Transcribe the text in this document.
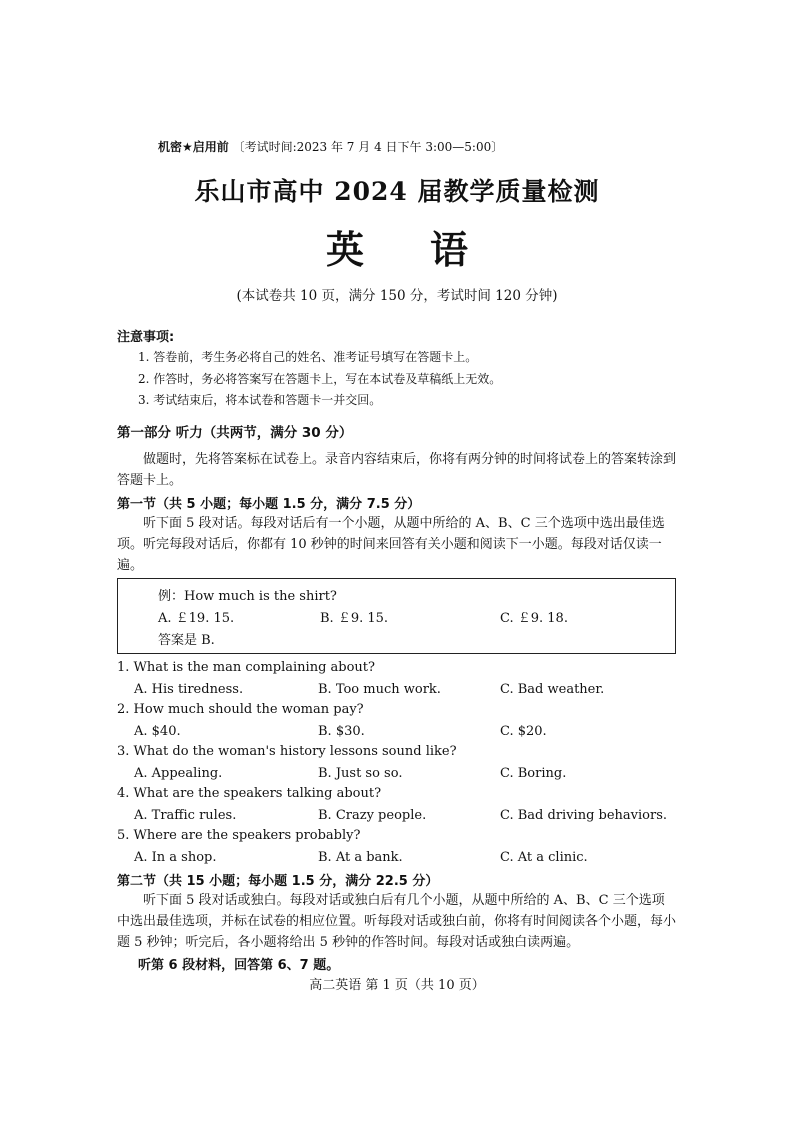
机密★启用前 〔考试时间:2023 年 7 月 4 日下午 3:00—5:00〕
乐山市高中 2024 届教学质量检测
英 语
(本试卷共 10 页，满分 150 分，考试时间 120 分钟)
注意事项:
1. 答卷前，考生务必将自己的姓名、准考证号填写在答题卡上。
2. 作答时，务必将答案写在答题卡上，写在本试卷及草稿纸上无效。
3. 考试结束后，将本试卷和答题卡一并交回。
第一部分 听力（共两节，满分 30 分）
做题时，先将答案标在试卷上。录音内容结束后，你将有两分钟的时间将试卷上的答案转涂到答题卡上。
第一节（共 5 小题；每小题 1.5 分，满分 7.5 分）
听下面 5 段对话。每段对话后有一个小题，从题中所给的 A、B、C 三个选项中选出最佳选项。听完每段对话后，你都有 10 秒钟的时间来回答有关小题和阅读下一小题。每段对话仅读一遍。
例：How much is the shirt?
A. ￡19. 15.	B. ￡9. 15.	C. ￡9. 18.
答案是 B.
1. What is the man complaining about?
A. His tiredness.	B. Too much work.	C. Bad weather.
2. How much should the woman pay?
A. $40.	B. $30.	C. $20.
3. What do the woman's history lessons sound like?
A. Appealing.	B. Just so so.	C. Boring.
4. What are the speakers talking about?
A. Traffic rules.	B. Crazy people.	C. Bad driving behaviors.
5. Where are the speakers probably?
A. In a shop.	B. At a bank.	C. At a clinic.
第二节（共 15 小题；每小题 1.5 分，满分 22.5 分）
听下面 5 段对话或独白。每段对话或独白后有几个小题，从题中所给的 A、B、C 三个选项中选出最佳选项，并标在试卷的相应位置。听每段对话或独白前，你将有时间阅读各个小题，每小题 5 秒钟；听完后，各小题将给出 5 秒钟的作答时间。每段对话或独白读两遍。
听第 6 段材料，回答第 6、7 题。
高二英语 第 1 页（共 10 页）
